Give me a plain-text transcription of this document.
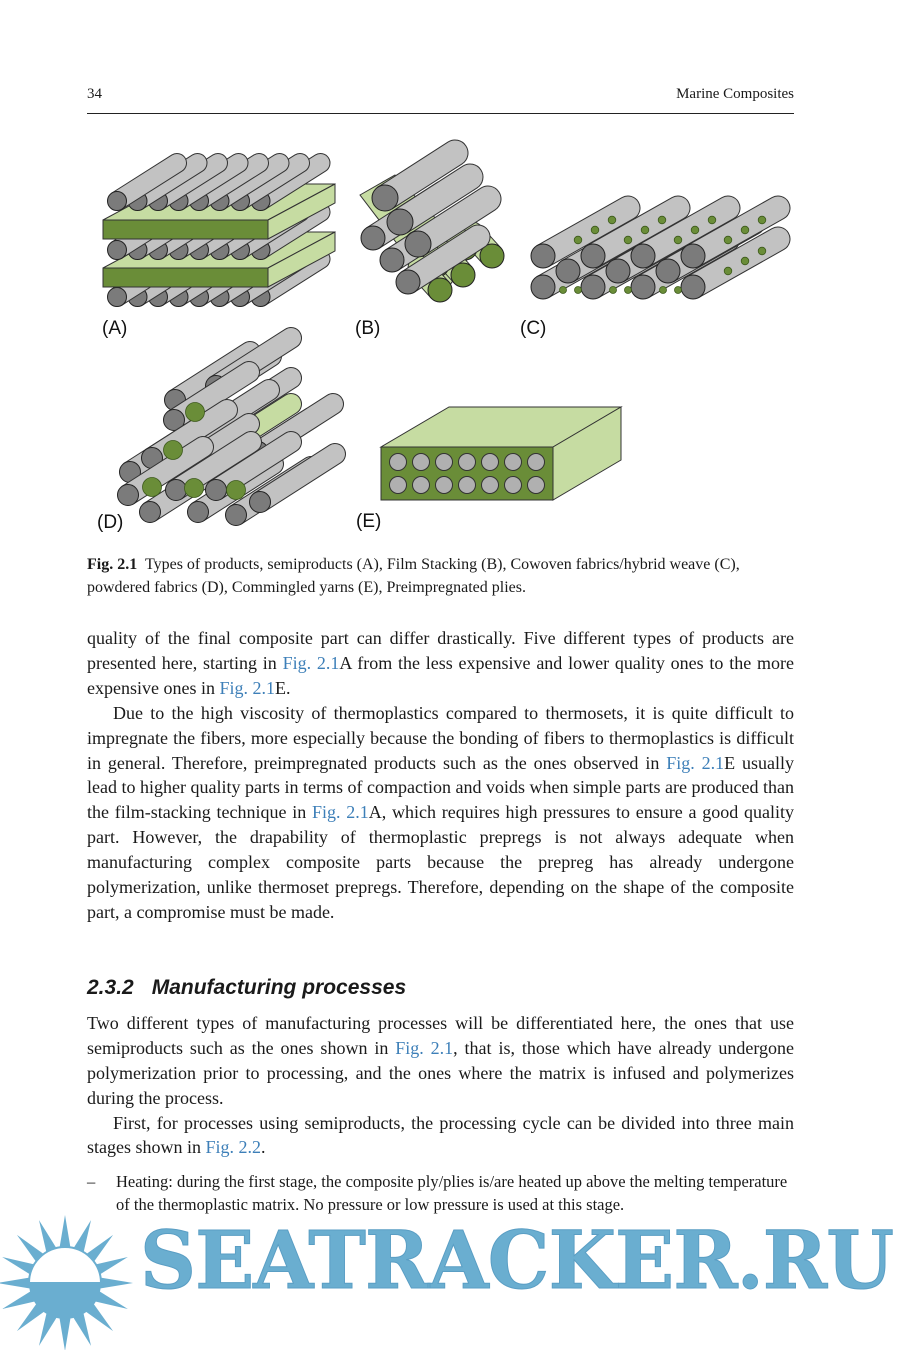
34	Marine Composites
(A)	(B)	(C)
(D)	(E)
Fig. 2.1 Types of products, semiproducts (A), Film Stacking (B), Cowoven fabrics/hybrid weave (C), powdered fabrics (D), Commingled yarns (E), Preimpregnated plies.

quality of the final composite part can differ drastically. Five different types of products are presented here, starting in Fig. 2.1A from the less expensive and lower quality ones to the more expensive ones in Fig. 2.1E.

Due to the high viscosity of thermoplastics compared to thermosets, it is quite difficult to impregnate the fibers, more especially because the bonding of fibers to thermoplastics is difficult in general. Therefore, preimpregnated products such as the ones observed in Fig. 2.1E usually lead to higher quality parts in terms of compaction and voids when simple parts are produced than the film-stacking technique in Fig. 2.1A, which requires high pressures to ensure a good quality part. However, the drapability of thermoplastic prepregs is not always adequate when manufacturing complex composite parts because the prepreg has already undergone polymerization, unlike thermoset prepregs. Therefore, depending on the shape of the composite part, a compromise must be made.

2.3.2 Manufacturing processes

Two different types of manufacturing processes will be differentiated here, the ones that use semiproducts such as the ones shown in Fig. 2.1, that is, those which have already undergone polymerization prior to processing, and the ones where the matrix is infused and polymerizes during the process.

First, for processes using semiproducts, the processing cycle can be divided into three main stages shown in Fig. 2.2.

– Heating: during the first stage, the composite ply/plies is/are heated up above the melting temperature of the thermoplastic matrix. No pressure or low pressure is used at this stage.
SEATRACKER.RU
